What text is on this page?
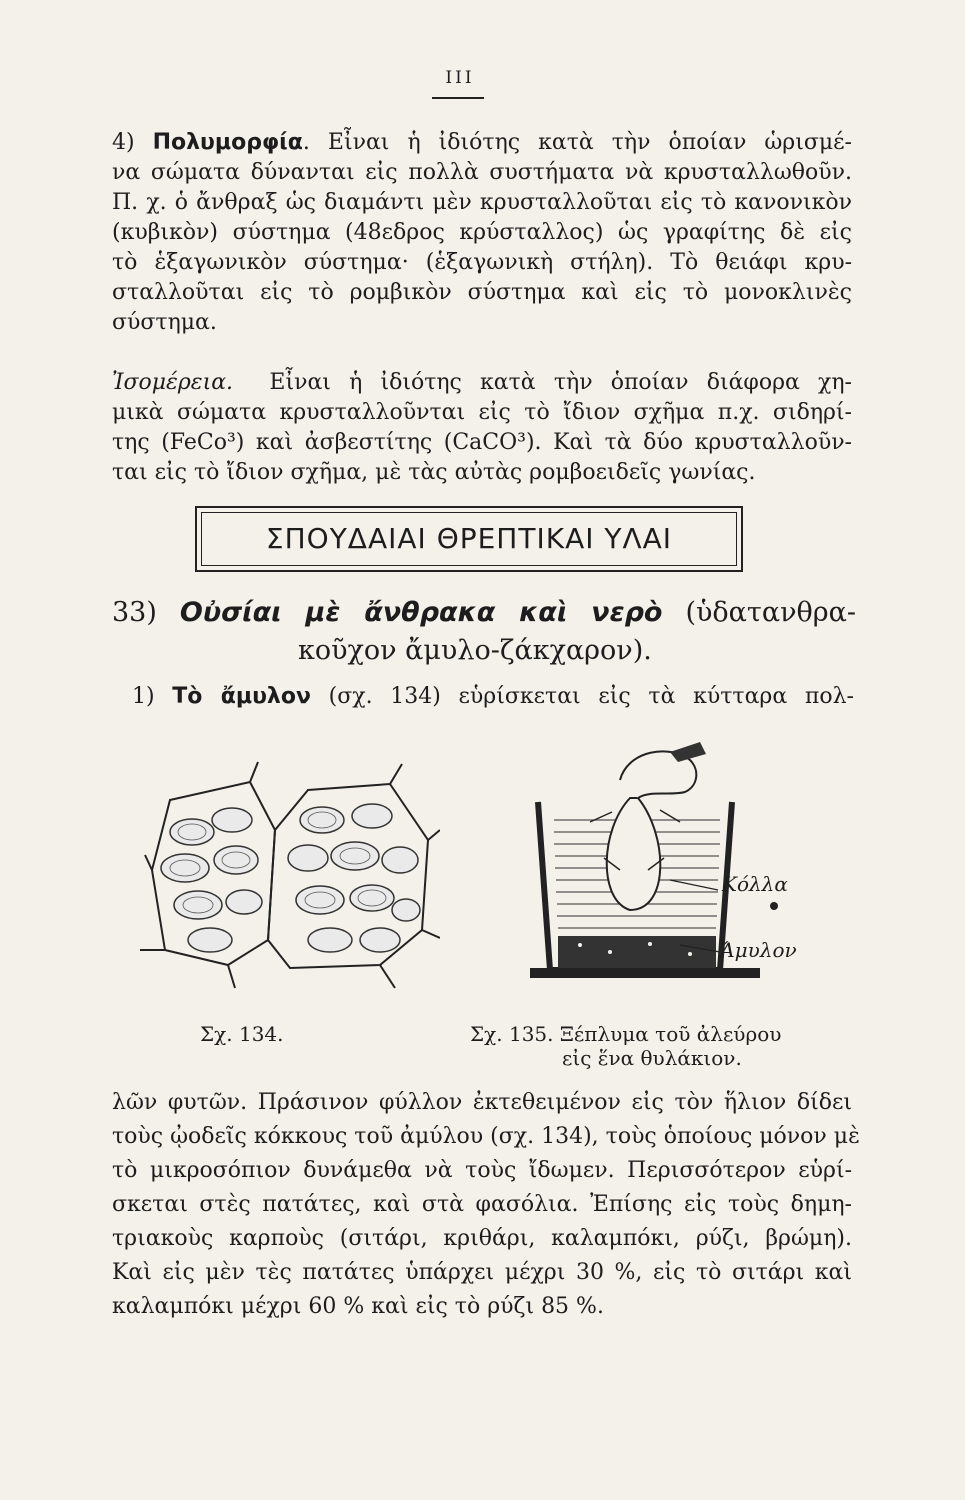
III
4) Πολυμορφία. Εἶναι ἡ ἰδιότης κατὰ τὴν ὁποίαν ὡρισμέ-
να σώματα δύνανται εἰς πολλὰ συστήματα νὰ κρυσταλλωθοῦν.
Π. χ. ὁ ἄνθραξ ὡς διαμάντι μὲν κρυσταλλοῦται εἰς τὸ κανονικὸν
(κυβικὸν) σύστημα (48εδρος κρύσταλλος) ὡς γραφίτης δὲ εἰς
τὸ ἑξαγωνικὸν σύστημα· (ἑξαγωνικὴ στήλη). Τὸ θειάφι κρυ-
σταλλοῦται εἰς τὸ ρομβικὸν σύστημα καὶ εἰς τὸ μονοκλινὲς
σύστημα.
Ἰσομέρεια. Εἶναι ἡ ἰδιότης κατὰ τὴν ὁποίαν διάφορα χη-
μικὰ σώματα κρυσταλλοῦνται εἰς τὸ ἴδιον σχῆμα π.χ. σιδηρί-
της (FeCo³) καὶ ἀσβεστίτης (CaCO³). Καὶ τὰ δύο κρυσταλλοῦν-
ται εἰς τὸ ἴδιον σχῆμα, μὲ τὰς αὐτὰς ρομβοειδεῖς γωνίας.
ΣΠΟΥΔΑΙΑΙ ΘΡΕΠΤΙΚΑΙ ΥΛΑΙ
33) Οὐσίαι μὲ ἄνθρακα καὶ νερὸ (ὑδατανθρα-
κοῦχον ἄμυλο-ζάκχαρον).
1) Τὸ ἄμυλον (σχ. 134) εὑρίσκεται εἰς τὰ κύτταρα πολ-
Σχ. 134.
Κόλλα
Ἄμυλον
Σχ. 135. Ξέπλυμα τοῦ ἀλεύρου
εἰς ἕνα θυλάκιον.
λῶν φυτῶν. Πράσινον φύλλον ἐκτεθειμένον εἰς τὸν ἥλιον δίδει
τοὺς ᾠοδεῖς κόκκους τοῦ ἀμύλου (σχ. 134), τοὺς ὁποίους μόνον μὲ
τὸ μικροσόπιον δυνάμεθα νὰ τοὺς ἴδωμεν. Περισσότερον εὑρί-
σκεται στὲς πατάτες, καὶ στὰ φασόλια. Ἐπίσης εἰς τοὺς δημη-
τριακοὺς καρποὺς (σιτάρι, κριθάρι, καλαμπόκι, ρύζι, βρώμη).
Καὶ εἰς μὲν τὲς πατάτες ὑπάρχει μέχρι 30 %, εἰς τὸ σιτάρι καὶ
καλαμπόκι μέχρι 60 % καὶ εἰς τὸ ρύζι 85 %.
